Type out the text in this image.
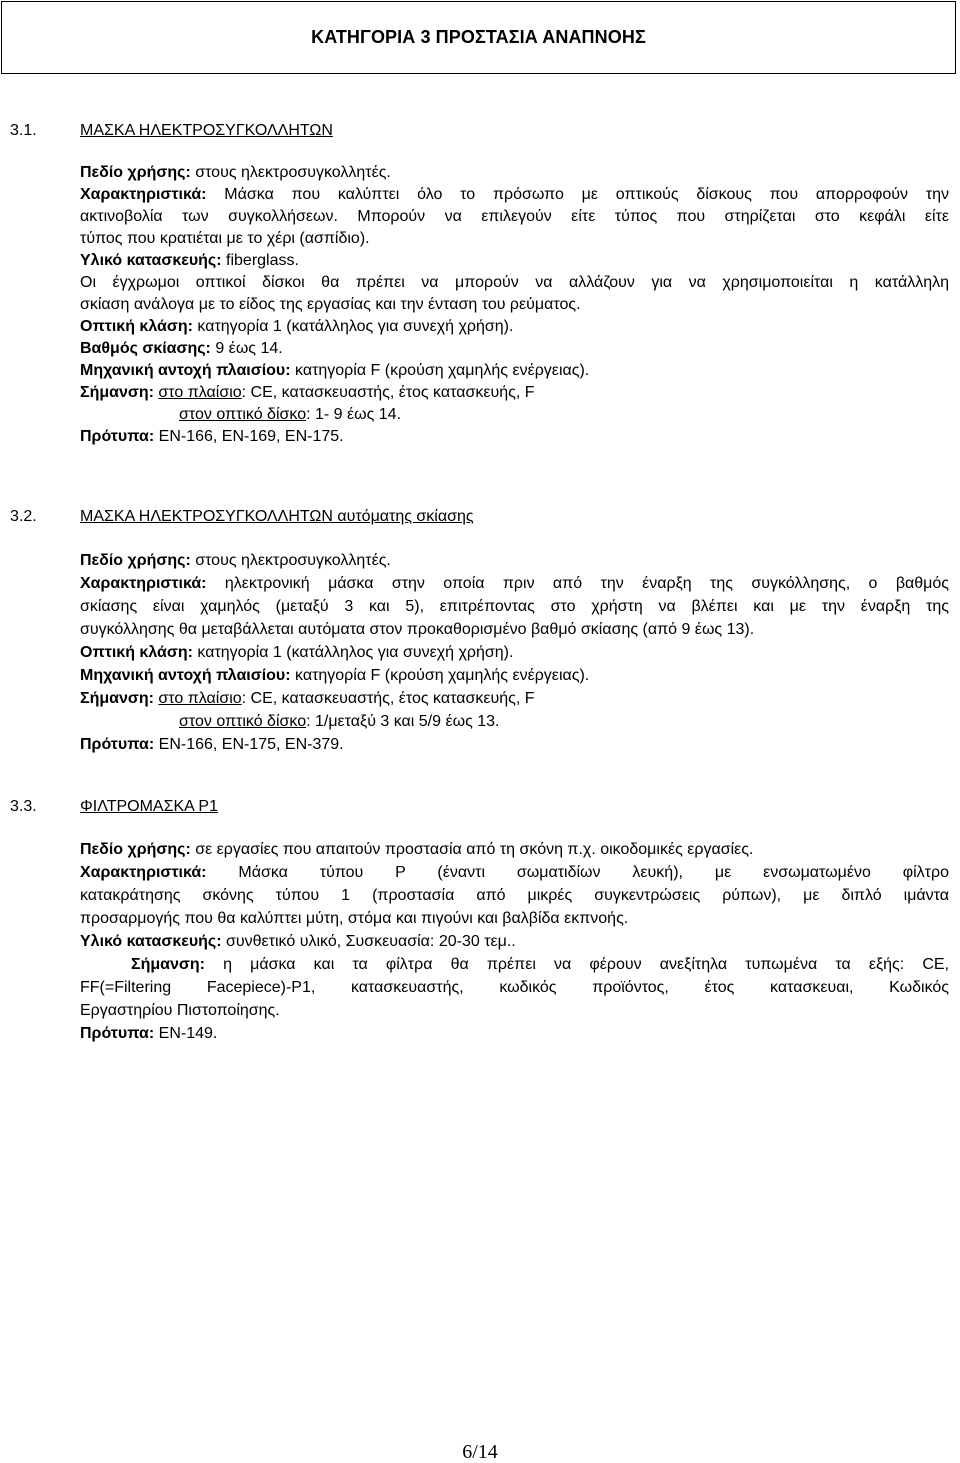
ΚΑΤΗΓΟΡΙΑ 3 ΠΡΟΣΤΑΣΙΑ ΑΝΑΠΝΟΗΣ
3.1.	ΜΑΣΚΑ ΗΛΕΚΤΡΟΣΥΓΚΟΛΛΗΤΩΝ
Πεδίο χρήσης: στους ηλεκτροσυγκολλητές.
Χαρακτηριστικά: Μάσκα που καλύπτει όλο το πρόσωπο με οπτικούς δίσκους που απορροφούν την
ακτινοβολία των συγκολλήσεων. Μπορούν να επιλεγούν είτε τύπος που στηρίζεται στο κεφάλι είτε
τύπος που κρατιέται με το χέρι (ασπίδιο).
Υλικό κατασκευής: fiberglass.
Οι έγχρωμοι οπτικοί δίσκοι θα πρέπει να μπορούν να αλλάζουν για να χρησιμοποιείται η κατάλληλη
σκίαση ανάλογα με το είδος της εργασίας και την ένταση του ρεύματος.
Οπτική κλάση: κατηγορία 1 (κατάλληλος για συνεχή χρήση).
Βαθμός σκίασης: 9 έως 14.
Μηχανική αντοχή πλαισίου: κατηγορία F (κρούση χαμηλής ενέργειας).
Σήμανση: στο πλαίσιο: CE, κατασκευαστής, έτος κατασκευής, F
στον οπτικό δίσκο: 1- 9 έως 14.
Πρότυπα: ΕΝ-166, ΕΝ-169, ΕΝ-175.
3.2.	ΜΑΣΚΑ ΗΛΕΚΤΡΟΣΥΓΚΟΛΛΗΤΩΝ αυτόματης σκίασης
Πεδίο χρήσης: στους ηλεκτροσυγκολλητές.
Χαρακτηριστικά: ηλεκτρονική μάσκα στην οποία πριν από την έναρξη της συγκόλλησης, ο βαθμός
σκίασης είναι χαμηλός (μεταξύ 3 και 5), επιτρέποντας στο χρήστη να βλέπει και με την έναρξη της
συγκόλλησης θα μεταβάλλεται αυτόματα στον προκαθορισμένο βαθμό σκίασης (από 9 έως 13).
Οπτική κλάση: κατηγορία 1 (κατάλληλος για συνεχή χρήση).
Μηχανική αντοχή πλαισίου: κατηγορία F (κρούση χαμηλής ενέργειας).
Σήμανση: στο πλαίσιο: CE, κατασκευαστής, έτος κατασκευής, F
στον οπτικό δίσκο: 1/μεταξύ 3 και 5/9 έως 13.
Πρότυπα: ΕΝ-166, ΕΝ-175, ΕΝ-379.
3.3.	ΦΙΛΤΡΟΜΑΣΚΑ Ρ1
Πεδίο χρήσης: σε εργασίες που απαιτούν προστασία από τη σκόνη π.χ. οικοδομικές εργασίες.
Χαρακτηριστικά: Μάσκα τύπου Ρ (έναντι σωματιδίων λευκή), με ενσωματωμένο φίλτρο
κατακράτησης σκόνης τύπου 1 (προστασία από μικρές συγκεντρώσεις ρύπων), με διπλό ιμάντα
προσαρμογής που θα καλύπτει μύτη, στόμα και πιγούνι και βαλβίδα εκπνοής.
Υλικό κατασκευής: συνθετικό υλικό, Συσκευασία: 20-30 τεμ..
Σήμανση: η μάσκα και τα φίλτρα θα πρέπει να φέρουν ανεξίτηλα τυπωμένα τα εξής: CE,
FF(=Filtering Facepiece)-P1, κατασκευαστής, κωδικός προϊόντος, έτος κατασκευαι, Κωδικός
Εργαστηρίου Πιστοποίησης.
Πρότυπα: ΕΝ-149.
6/14
